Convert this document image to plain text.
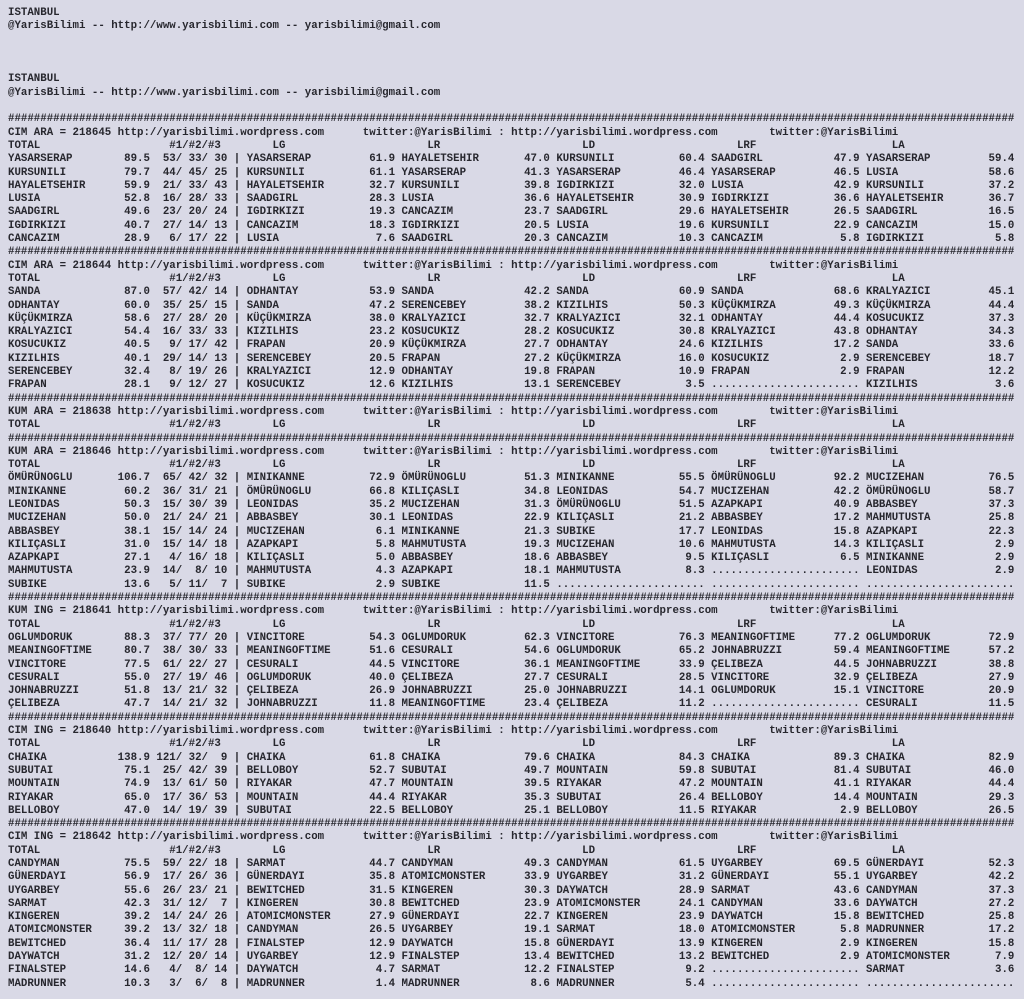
ISTANBUL
@YarisBilimi -- http://www.yarisbilimi.com -- yarisbilimi@gmail.com

ISTANBUL
@YarisBilimi -- http://www.yarisbilimi.com -- yarisbilimi@gmail.com

############################################################################################################################################################
CIM ARA = 218645 http://yarisbilimi.wordpress.com      twitter:@YarisBilimi : http://yarisbilimi.wordpress.com        twitter:@YarisBilimi
TOTAL                    #1/#2/#3        LG                      LR                      LD                      LRF                     LA
YASARSERAP        89.5  53/ 33/ 30 | YASARSERAP         61.9 HAYALETSEHIR       47.0 KURSUNILI          60.4 SAADGIRL           47.9 YASARSERAP         59.4
KURSUNILI         79.7  44/ 45/ 25 | KURSUNILI          61.1 YASARSERAP         41.3 YASARSERAP         46.4 YASARSERAP         46.5 LUSIA              58.6
HAYALETSEHIR      59.9  21/ 33/ 43 | HAYALETSEHIR       32.7 KURSUNILI          39.8 IGDIRKIZI          32.0 LUSIA              42.9 KURSUNILI          37.2
LUSIA             52.8  16/ 28/ 33 | SAADGIRL           28.3 LUSIA              36.6 HAYALETSEHIR       30.9 IGDIRKIZI          36.6 HAYALETSEHIR       36.7
SAADGIRL          49.6  23/ 20/ 24 | IGDIRKIZI          19.3 CANCAZIM           23.7 SAADGIRL           29.6 HAYALETSEHIR       26.5 SAADGIRL           16.5
IGDIRKIZI         40.7  27/ 14/ 13 | CANCAZIM           18.3 IGDIRKIZI          20.5 LUSIA              19.6 KURSUNILI          22.9 CANCAZIM           15.0
CANCAZIM          28.9   6/ 17/ 22 | LUSIA               7.6 SAADGIRL           20.3 CANCAZIM           10.3 CANCAZIM            5.8 IGDIRKIZI           5.8
############################################################################################################################################################
CIM ARA = 218644 http://yarisbilimi.wordpress.com      twitter:@YarisBilimi : http://yarisbilimi.wordpress.com        twitter:@YarisBilimi
TOTAL                    #1/#2/#3        LG                      LR                      LD                      LRF                     LA
SANDA             87.0  57/ 42/ 14 | ODHANTAY           53.9 SANDA              42.2 SANDA              60.9 SANDA              68.6 KRALYAZICI         45.1
ODHANTAY          60.0  35/ 25/ 15 | SANDA              47.2 SERENCEBEY         38.2 KIZILHIS           50.3 KÜÇÜKMIRZA         49.3 KÜÇÜKMIRZA         44.4
KÜÇÜKMIRZA        58.6  27/ 28/ 20 | KÜÇÜKMIRZA         38.0 KRALYAZICI         32.7 KRALYAZICI         32.1 ODHANTAY           44.4 KOSUCUKIZ          37.3
KRALYAZICI        54.4  16/ 33/ 33 | KIZILHIS           23.2 KOSUCUKIZ          28.2 KOSUCUKIZ          30.8 KRALYAZICI         43.8 ODHANTAY           34.3
KOSUCUKIZ         40.5   9/ 17/ 42 | FRAPAN             20.9 KÜÇÜKMIRZA         27.7 ODHANTAY           24.6 KIZILHIS           17.2 SANDA              33.6
KIZILHIS          40.1  29/ 14/ 13 | SERENCEBEY         20.5 FRAPAN             27.2 KÜÇÜKMIRZA         16.0 KOSUCUKIZ           2.9 SERENCEBEY         18.7
SERENCEBEY        32.4   8/ 19/ 26 | KRALYAZICI         12.9 ODHANTAY           19.8 FRAPAN             10.9 FRAPAN              2.9 FRAPAN             12.2
FRAPAN            28.1   9/ 12/ 27 | KOSUCUKIZ          12.6 KIZILHIS           13.1 SERENCEBEY          3.5 ....................... KIZILHIS            3.6
############################################################################################################################################################
KUM ARA = 218638 http://yarisbilimi.wordpress.com      twitter:@YarisBilimi : http://yarisbilimi.wordpress.com        twitter:@YarisBilimi
TOTAL                    #1/#2/#3        LG                      LR                      LD                      LRF                     LA
############################################################################################################################################################
KUM ARA = 218646 http://yarisbilimi.wordpress.com      twitter:@YarisBilimi : http://yarisbilimi.wordpress.com        twitter:@YarisBilimi
TOTAL                    #1/#2/#3        LG                      LR                      LD                      LRF                     LA
ÖMÜRÜNOGLU       106.7  65/ 42/ 32 | MINIKANNE          72.9 ÖMÜRÜNOGLU         51.3 MINIKANNE          55.5 ÖMÜRÜNOGLU         92.2 MUCIZEHAN          76.5
MINIKANNE         60.2  36/ 31/ 21 | ÖMÜRÜNOGLU         66.8 KILIÇASLI          34.8 LEONIDAS           54.7 MUCIZEHAN          42.2 ÖMÜRÜNOGLU         58.7
LEONIDAS          50.3  15/ 30/ 39 | LEONIDAS           35.2 MUCIZEHAN          31.3 ÖMÜRÜNOGLU         51.5 AZAPKAPI           40.9 ABBASBEY           37.3
MUCIZEHAN         50.0  21/ 24/ 21 | ABBASBEY           30.1 LEONIDAS           22.9 KILIÇASLI          21.2 ABBASBEY           17.2 MAHMUTUSTA         25.8
ABBASBEY          38.1  15/ 14/ 24 | MUCIZEHAN           6.1 MINIKANNE          21.3 SUBIKE             17.7 LEONIDAS           15.8 AZAPKAPI           22.3
KILIÇASLI         31.0  15/ 14/ 18 | AZAPKAPI            5.8 MAHMUTUSTA         19.3 MUCIZEHAN          10.6 MAHMUTUSTA         14.3 KILIÇASLI           2.9
AZAPKAPI          27.1   4/ 16/ 18 | KILIÇASLI           5.0 ABBASBEY           18.6 ABBASBEY            9.5 KILIÇASLI           6.5 MINIKANNE           2.9
MAHMUTUSTA        23.9  14/  8/ 10 | MAHMUTUSTA          4.3 AZAPKAPI           18.1 MAHMUTUSTA          8.3 ....................... LEONIDAS            2.9
SUBIKE            13.6   5/ 11/  7 | SUBIKE              2.9 SUBIKE             11.5 ....................... ....................... .......................
############################################################################################################################################################
KUM ING = 218641 http://yarisbilimi.wordpress.com      twitter:@YarisBilimi : http://yarisbilimi.wordpress.com        twitter:@YarisBilimi
TOTAL                    #1/#2/#3        LG                      LR                      LD                      LRF                     LA
OGLUMDORUK        88.3  37/ 77/ 20 | VINCITORE          54.3 OGLUMDORUK         62.3 VINCITORE          76.3 MEANINGOFTIME      77.2 OGLUMDORUK         72.9
MEANINGOFTIME     80.7  38/ 30/ 33 | MEANINGOFTIME      51.6 CESURALI           54.6 OGLUMDORUK         65.2 JOHNABRUZZI        59.4 MEANINGOFTIME      57.2
VINCITORE         77.5  61/ 22/ 27 | CESURALI           44.5 VINCITORE          36.1 MEANINGOFTIME      33.9 ÇELIBEZA           44.5 JOHNABRUZZI        38.8
CESURALI          55.0  27/ 19/ 46 | OGLUMDORUK         40.0 ÇELIBEZA           27.7 CESURALI           28.5 VINCITORE          32.9 ÇELIBEZA           27.9
JOHNABRUZZI       51.8  13/ 21/ 32 | ÇELIBEZA           26.9 JOHNABRUZZI        25.0 JOHNABRUZZI        14.1 OGLUMDORUK         15.1 VINCITORE          20.9
ÇELIBEZA          47.7  14/ 21/ 32 | JOHNABRUZZI        11.8 MEANINGOFTIME      23.4 ÇELIBEZA           11.2 ....................... CESURALI           11.5
############################################################################################################################################################
CIM ING = 218640 http://yarisbilimi.wordpress.com      twitter:@YarisBilimi : http://yarisbilimi.wordpress.com        twitter:@YarisBilimi
TOTAL                    #1/#2/#3        LG                      LR                      LD                      LRF                     LA
CHAIKA           138.9 121/ 32/  9 | CHAIKA             61.8 CHAIKA             79.6 CHAIKA             84.3 CHAIKA             89.3 CHAIKA             82.9
SUBUTAI           75.1  25/ 42/ 39 | BELLOBOY           52.7 SUBUTAI            49.7 MOUNTAIN           59.8 SUBUTAI            81.4 SUBUTAI            46.0
MOUNTAIN          74.9  13/ 61/ 50 | RIYAKAR            47.7 MOUNTAIN           39.5 RIYAKAR            47.2 MOUNTAIN           41.1 RIYAKAR            44.4
RIYAKAR           65.0  17/ 36/ 53 | MOUNTAIN           44.4 RIYAKAR            35.3 SUBUTAI            26.4 BELLOBOY           14.4 MOUNTAIN           29.3
BELLOBOY          47.0  14/ 19/ 39 | SUBUTAI            22.5 BELLOBOY           25.1 BELLOBOY           11.5 RIYAKAR             2.9 BELLOBOY           26.5
############################################################################################################################################################
CIM ING = 218642 http://yarisbilimi.wordpress.com      twitter:@YarisBilimi : http://yarisbilimi.wordpress.com        twitter:@YarisBilimi
TOTAL                    #1/#2/#3        LG                      LR                      LD                      LRF                     LA
CANDYMAN          75.5  59/ 22/ 18 | SARMAT             44.7 CANDYMAN           49.3 CANDYMAN           61.5 UYGARBEY           69.5 GÜNERDAYI          52.3
GÜNERDAYI         56.9  17/ 26/ 36 | GÜNERDAYI          35.8 ATOMICMONSTER      33.9 UYGARBEY           31.2 GÜNERDAYI          55.1 UYGARBEY           42.2
UYGARBEY          55.6  26/ 23/ 21 | BEWITCHED          31.5 KINGEREN           30.3 DAYWATCH           28.9 SARMAT             43.6 CANDYMAN           37.3
SARMAT            42.3  31/ 12/  7 | KINGEREN           30.8 BEWITCHED          23.9 ATOMICMONSTER      24.1 CANDYMAN           33.6 DAYWATCH           27.2
KINGEREN          39.2  14/ 24/ 26 | ATOMICMONSTER      27.9 GÜNERDAYI          22.7 KINGEREN           23.9 DAYWATCH           15.8 BEWITCHED          25.8
ATOMICMONSTER     39.2  13/ 32/ 18 | CANDYMAN           26.5 UYGARBEY           19.1 SARMAT             18.0 ATOMICMONSTER       5.8 MADRUNNER          17.2
BEWITCHED         36.4  11/ 17/ 28 | FINALSTEP          12.9 DAYWATCH           15.8 GÜNERDAYI          13.9 KINGEREN            2.9 KINGEREN           15.8
DAYWATCH          31.2  12/ 20/ 14 | UYGARBEY           12.9 FINALSTEP          13.4 BEWITCHED          13.2 BEWITCHED           2.9 ATOMICMONSTER       7.9
FINALSTEP         14.6   4/  8/ 14 | DAYWATCH            4.7 SARMAT             12.2 FINALSTEP           9.2 ....................... SARMAT              3.6
MADRUNNER         10.3   3/  6/  8 | MADRUNNER           1.4 MADRUNNER           8.6 MADRUNNER           5.4 ....................... .......................
